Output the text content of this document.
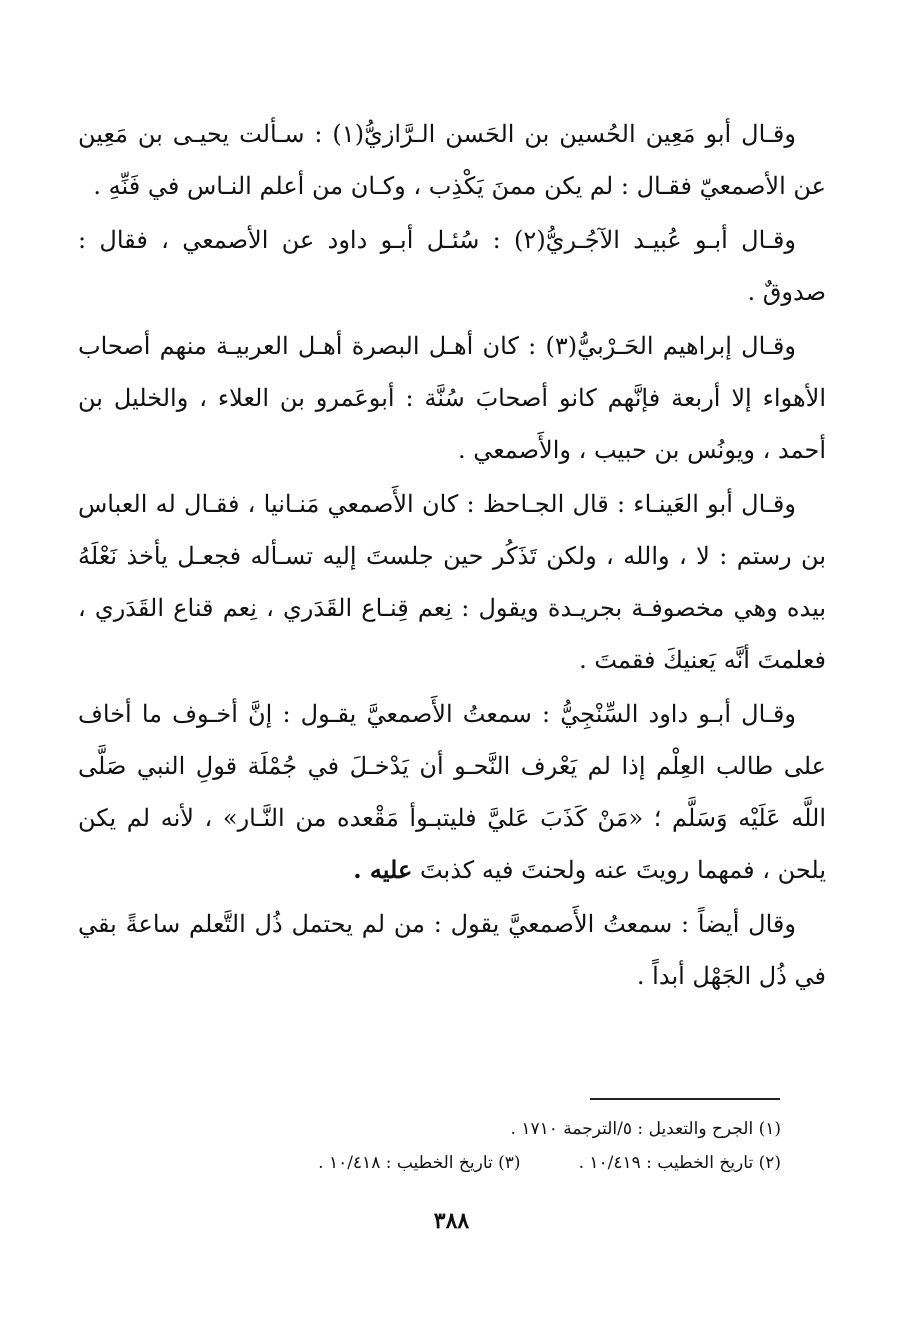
وقـال أبو مَعِين الحُسين بن الحَسن الـرَّازيُّ(١) : سـألت يحيـى بن مَعِين عن الأصمعيّ فقـال : لم يكن ممنَ يَكْذِب ، وكـان من أعلم النـاس في فَنِّهِ .

وقـال أبـو عُبيـد الآجُـريُّ(٢) : سُئـل أبـو داود عن الأصمعي ، فقال : صدوقٌ .

وقـال إبراهيم الحَـرْبيُّ(٣) : كان أهـل البصرة أهـل العربيـة منهم أصحاب الأهواء إلا أربعة فإنَّهم كانو أصحابَ سُنَّة : أبوعَمرو بن العلاء ، والخليل بن أحمد ، ويونُس بن حبيب ، والأَصمعي .

وقـال أبو العَينـاء : قال الجـاحظ : كان الأَصمعي مَنـانيا ، فقـال له العباس بن رستم : لا ، والله ، ولكن تَذَكُر حين جلستَ إليه تسـأله فجعـل يأخذ نَعْلَهُ بيده وهي مخصوفـة بجريـدة ويقول : نِعم قِنـاع القَدَري ، نِعم قناع القَدَري ، فعلمتَ أنَّه يَعنيكَ فقمتَ .

وقـال أبـو داود السِّنْجِيُّ : سمعتُ الأَصمعيَّ يقـول : إنَّ أخـوف ما أخاف على طالب العِلْم إذا لم يَعْرف النَّحـو أن يَدْخـلَ في جُمْلَة قولِ النبي صَلَّى اللَّه عَلَيْه وَسَلَّم ؛ «مَنْ كَذَبَ عَليَّ فليتبـوأ مَقْعده من النَّـار» ، لأنه لم يكن يلحن ، فمهما رويتَ عنه ولحنتَ فيه كذبتَ عليه .

وقال أيضاً : سمعتُ الأَصمعيَّ يقول : من لم يحتمل ذُل التَّعلم ساعةً بقي في ذُل الجَهْل أبداً .

(١) الجرح والتعديل : ٥/الترجمة ١٧١٠ .
(٢) تاريخ الخطيب : ١٠/٤١٩ .(٣) تاريخ الخطيب : ١٠/٤١٨ .
٣٨٨
